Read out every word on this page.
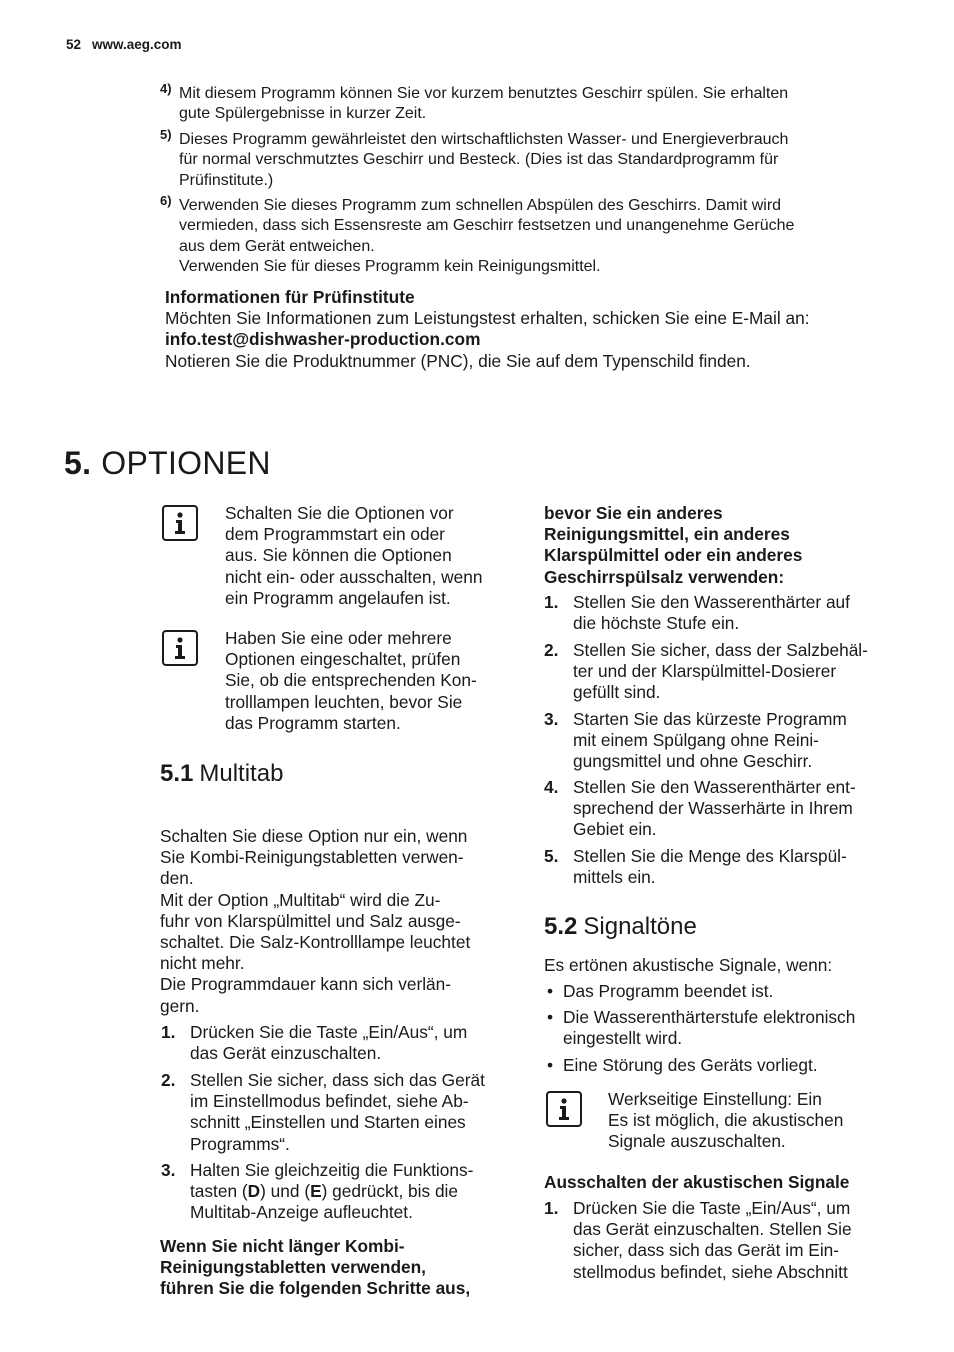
52 www.aeg.com
4) Mit diesem Programm können Sie vor kurzem benutztes Geschirr spülen. Sie erhalten
gute Spülergebnisse in kurzer Zeit.
5) Dieses Programm gewährleistet den wirtschaftlichsten Wasser- und Energieverbrauch
für normal verschmutztes Geschirr und Besteck. (Dies ist das Standardprogramm für
Prüfinstitute.)
6) Verwenden Sie dieses Programm zum schnellen Abspülen des Geschirrs. Damit wird
vermieden, dass sich Essensreste am Geschirr festsetzen und unangenehme Gerüche
aus dem Gerät entweichen.
Verwenden Sie für dieses Programm kein Reinigungsmittel.
Informationen für Prüfinstitute
Möchten Sie Informationen zum Leistungstest erhalten, schicken Sie eine E-Mail an:
info.test@dishwasher-production.com
Notieren Sie die Produktnummer (PNC), die Sie auf dem Typenschild finden.
5. OPTIONEN
Schalten Sie die Optionen vor
dem Programmstart ein oder
aus. Sie können die Optionen
nicht ein- oder ausschalten, wenn
ein Programm angelaufen ist.
Haben Sie eine oder mehrere
Optionen eingeschaltet, prüfen
Sie, ob die entsprechenden Kon-
trolllampen leuchten, bevor Sie
das Programm starten.
5.1 Multitab
Schalten Sie diese Option nur ein, wenn
Sie Kombi-Reinigungstabletten verwen-
den.
Mit der Option „Multitab“ wird die Zu-
fuhr von Klarspülmittel und Salz ausge-
schaltet. Die Salz-Kontrolllampe leuchtet
nicht mehr.
Die Programmdauer kann sich verlän-
gern.
1. Drücken Sie die Taste „Ein/Aus“, um
das Gerät einzuschalten.
2. Stellen Sie sicher, dass sich das Gerät
im Einstellmodus befindet, siehe Ab-
schnitt „Einstellen und Starten eines
Programms“.
3. Halten Sie gleichzeitig die Funktions-
tasten (D) und (E) gedrückt, bis die
Multitab-Anzeige aufleuchtet.
Wenn Sie nicht länger Kombi-
Reinigungstabletten verwenden,
führen Sie die folgenden Schritte aus,
bevor Sie ein anderes
Reinigungsmittel, ein anderes
Klarspülmittel oder ein anderes
Geschirrspülsalz verwenden:
1. Stellen Sie den Wasserenthärter auf
die höchste Stufe ein.
2. Stellen Sie sicher, dass der Salzbehäl-
ter und der Klarspülmittel-Dosierer
gefüllt sind.
3. Starten Sie das kürzeste Programm
mit einem Spülgang ohne Reini-
gungsmittel und ohne Geschirr.
4. Stellen Sie den Wasserenthärter ent-
sprechend der Wasserhärte in Ihrem
Gebiet ein.
5. Stellen Sie die Menge des Klarspül-
mittels ein.
5.2 Signaltöne
Es ertönen akustische Signale, wenn:
• Das Programm beendet ist.
• Die Wasserenthärterstufe elektronisch
eingestellt wird.
• Eine Störung des Geräts vorliegt.
Werkseitige Einstellung: Ein
Es ist möglich, die akustischen
Signale auszuschalten.
Ausschalten der akustischen Signale
1. Drücken Sie die Taste „Ein/Aus“, um
das Gerät einzuschalten. Stellen Sie
sicher, dass sich das Gerät im Ein-
stellmodus befindet, siehe Abschnitt
